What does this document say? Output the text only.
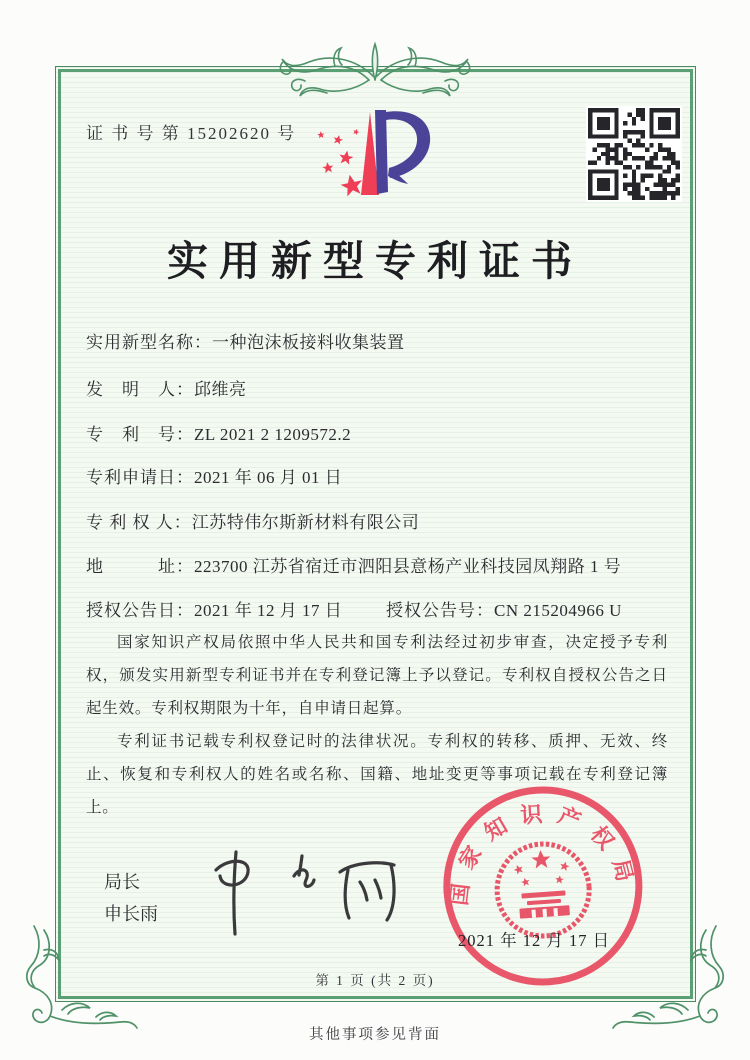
证 书 号 第 15202620 号
实用新型专利证书
实用新型名称：一种泡沫板接料收集装置
发　明　人：邱维亮
专　利　号：ZL 2021 2 1209572.2
专利申请日：2021 年 06 月 01 日
专 利 权 人：江苏特伟尔斯新材料有限公司
地　　　址：223700 江苏省宿迁市泗阳县意杨产业科技园凤翔路 1 号
授权公告日：2021 年 12 月 17 日	授权公告号：CN 215204966 U

国家知识产权局依照中华人民共和国专利法经过初步审查，决定授予专利权，颁发实用新型专利证书并在专利登记簿上予以登记。专利权自授权公告之日起生效。专利权期限为十年，自申请日起算。

专利证书记载专利权登记时的法律状况。专利权的转移、质押、无效、终止、恢复和专利权人的姓名或名称、国籍、地址变更等事项记载在专利登记簿上。

局长
申长雨
国家知识产权局
2021 年 12 月 17 日
第 1 页 (共 2 页)
其他事项参见背面
